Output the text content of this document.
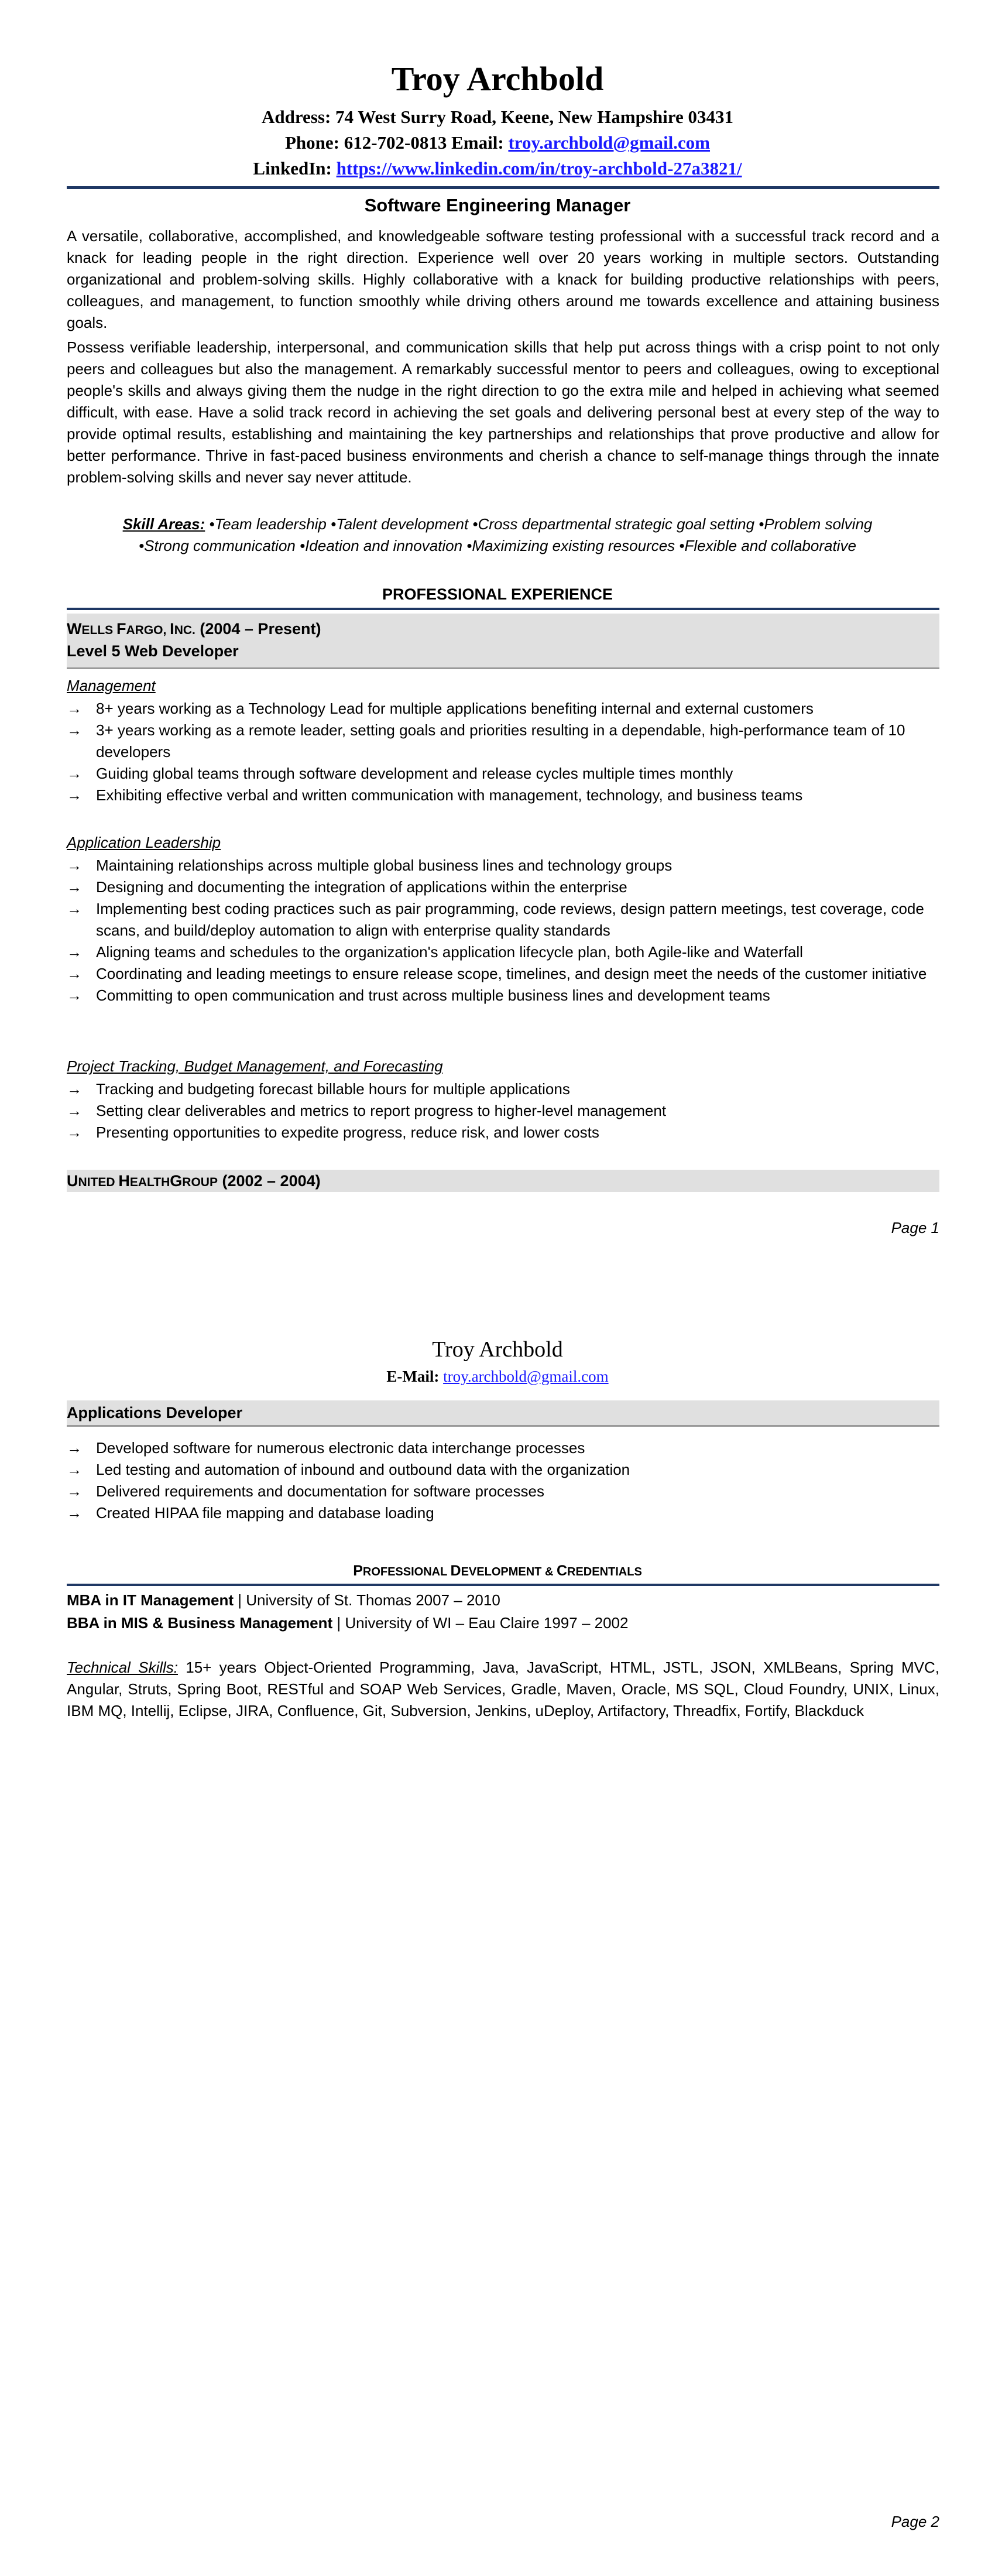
Troy Archbold
Address: 74 West Surry Road, Keene, New Hampshire 03431
Phone: 612-702-0813 Email: troy.archbold@gmail.com
LinkedIn: https://www.linkedin.com/in/troy-archbold-27a3821/
Software Engineering Manager
A versatile, collaborative, accomplished, and knowledgeable software testing professional with a successful track record and a knack for leading people in the right direction. Experience well over 20 years working in multiple sectors. Outstanding organizational and problem-solving skills. Highly collaborative with a knack for building productive relationships with peers, colleagues, and management, to function smoothly while driving others around me towards excellence and attaining business goals.
Possess verifiable leadership, interpersonal, and communication skills that help put across things with a crisp point to not only peers and colleagues but also the management. A remarkably successful mentor to peers and colleagues, owing to exceptional people's skills and always giving them the nudge in the right direction to go the extra mile and helped in achieving what seemed difficult, with ease. Have a solid track record in achieving the set goals and delivering personal best at every step of the way to provide optimal results, establishing and maintaining the key partnerships and relationships that prove productive and allow for better performance. Thrive in fast-paced business environments and cherish a chance to self-manage things through the innate problem-solving skills and never say never attitude.
Skill Areas: •Team leadership •Talent development •Cross departmental strategic goal setting •Problem solving
•Strong communication •Ideation and innovation •Maximizing existing resources •Flexible and collaborative
PROFESSIONAL EXPERIENCE
WELLS FARGO, INC. (2004 – Present)
Level 5 Web Developer
Management
→ 8+ years working as a Technology Lead for multiple applications benefiting internal and external customers
→ 3+ years working as a remote leader, setting goals and priorities resulting in a dependable, high-performance team of 10 developers
→ Guiding global teams through software development and release cycles multiple times monthly
→ Exhibiting effective verbal and written communication with management, technology, and business teams
Application Leadership
→ Maintaining relationships across multiple global business lines and technology groups
→ Designing and documenting the integration of applications within the enterprise
→ Implementing best coding practices such as pair programming, code reviews, design pattern meetings, test coverage, code scans, and build/deploy automation to align with enterprise quality standards
→ Aligning teams and schedules to the organization's application lifecycle plan, both Agile-like and Waterfall
→ Coordinating and leading meetings to ensure release scope, timelines, and design meet the needs of the customer initiative
→ Committing to open communication and trust across multiple business lines and development teams
Project Tracking, Budget Management, and Forecasting
→ Tracking and budgeting forecast billable hours for multiple applications
→ Setting clear deliverables and metrics to report progress to higher-level management
→ Presenting opportunities to expedite progress, reduce risk, and lower costs
UNITED HEALTHGROUP (2002 – 2004)
Page 1
Troy Archbold
E-Mail: troy.archbold@gmail.com
Applications Developer
→ Developed software for numerous electronic data interchange processes
→ Led testing and automation of inbound and outbound data with the organization
→ Delivered requirements and documentation for software processes
→ Created HIPAA file mapping and database loading
PROFESSIONAL DEVELOPMENT & CREDENTIALS
MBA in IT Management | University of St. Thomas 2007 – 2010
BBA in MIS & Business Management | University of WI – Eau Claire 1997 – 2002
Technical Skills: 15+ years Object-Oriented Programming, Java, JavaScript, HTML, JSTL, JSON, XMLBeans, Spring MVC, Angular, Struts, Spring Boot, RESTful and SOAP Web Services, Gradle, Maven, Oracle, MS SQL, Cloud Foundry, UNIX, Linux, IBM MQ, Intellij, Eclipse, JIRA, Confluence, Git, Subversion, Jenkins, uDeploy, Artifactory, Threadfix, Fortify, Blackduck
Page 2
